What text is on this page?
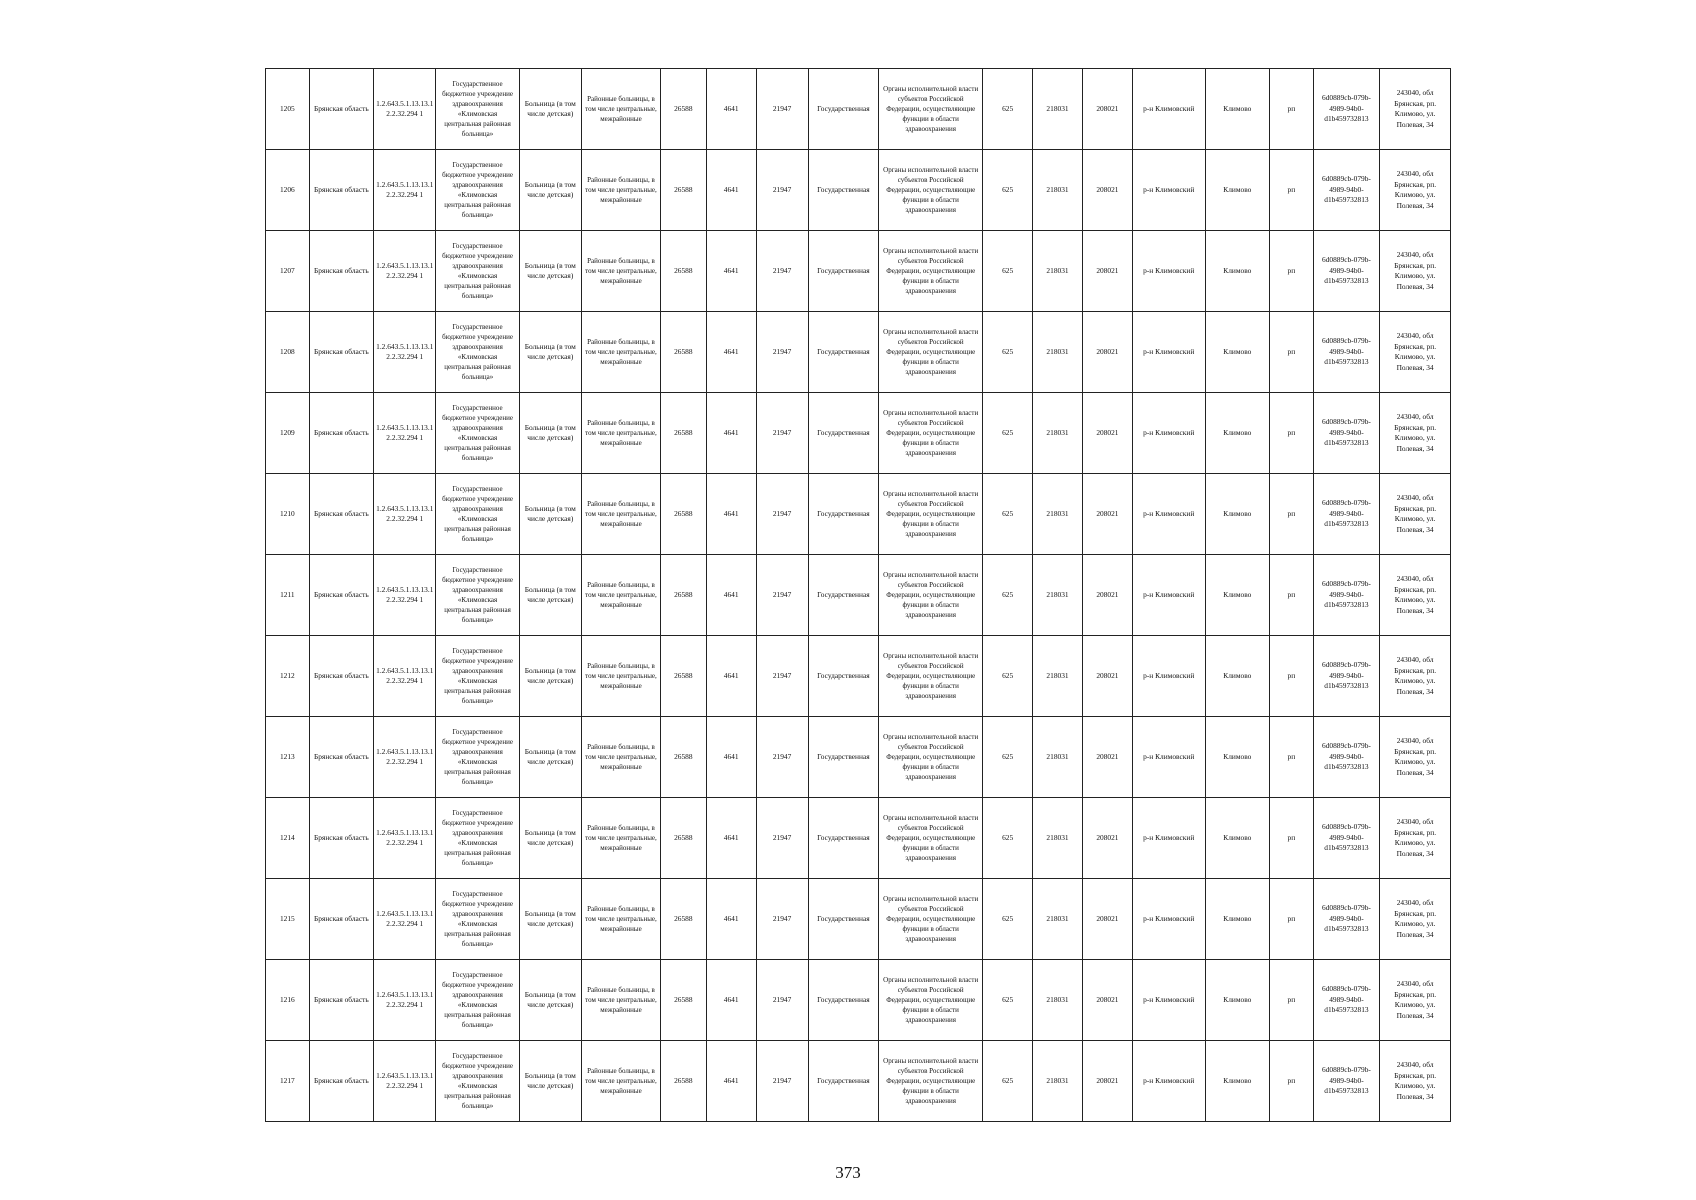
1205	Брянская область	1.2.643.5.1.13.13.12.2.32.294 1	Государственное бюджетное учреждение здравоохранения «Климовская центральная районная больница»	Больница (в том числе детская)	Районные больницы, в том числе центральные, межрайонные	26588	4641	21947	Государственная	Органы исполнительной власти субъектов Российской Федерации, осуществляющие функции в области здравоохранения	625	218031	208021	р-н Климовский	Климово	рп	6d0889cb-079b-4989-94b0-d1b459732813	243040, обл Брянская, рп. Климово, ул. Полевая, 34
1206	Брянская область	1.2.643.5.1.13.13.12.2.32.294 1	Государственное бюджетное учреждение здравоохранения «Климовская центральная районная больница»	Больница (в том числе детская)	Районные больницы, в том числе центральные, межрайонные	26588	4641	21947	Государственная	Органы исполнительной власти субъектов Российской Федерации, осуществляющие функции в области здравоохранения	625	218031	208021	р-н Климовский	Климово	рп	6d0889cb-079b-4989-94b0-d1b459732813	243040, обл Брянская, рп. Климово, ул. Полевая, 34
1207	Брянская область	1.2.643.5.1.13.13.12.2.32.294 1	Государственное бюджетное учреждение здравоохранения «Климовская центральная районная больница»	Больница (в том числе детская)	Районные больницы, в том числе центральные, межрайонные	26588	4641	21947	Государственная	Органы исполнительной власти субъектов Российской Федерации, осуществляющие функции в области здравоохранения	625	218031	208021	р-н Климовский	Климово	рп	6d0889cb-079b-4989-94b0-d1b459732813	243040, обл Брянская, рп. Климово, ул. Полевая, 34
1208	Брянская область	1.2.643.5.1.13.13.12.2.32.294 1	Государственное бюджетное учреждение здравоохранения «Климовская центральная районная больница»	Больница (в том числе детская)	Районные больницы, в том числе центральные, межрайонные	26588	4641	21947	Государственная	Органы исполнительной власти субъектов Российской Федерации, осуществляющие функции в области здравоохранения	625	218031	208021	р-н Климовский	Климово	рп	6d0889cb-079b-4989-94b0-d1b459732813	243040, обл Брянская, рп. Климово, ул. Полевая, 34
1209	Брянская область	1.2.643.5.1.13.13.12.2.32.294 1	Государственное бюджетное учреждение здравоохранения «Климовская центральная районная больница»	Больница (в том числе детская)	Районные больницы, в том числе центральные, межрайонные	26588	4641	21947	Государственная	Органы исполнительной власти субъектов Российской Федерации, осуществляющие функции в области здравоохранения	625	218031	208021	р-н Климовский	Климово	рп	6d0889cb-079b-4989-94b0-d1b459732813	243040, обл Брянская, рп. Климово, ул. Полевая, 34
1210	Брянская область	1.2.643.5.1.13.13.12.2.32.294 1	Государственное бюджетное учреждение здравоохранения «Климовская центральная районная больница»	Больница (в том числе детская)	Районные больницы, в том числе центральные, межрайонные	26588	4641	21947	Государственная	Органы исполнительной власти субъектов Российской Федерации, осуществляющие функции в области здравоохранения	625	218031	208021	р-н Климовский	Климово	рп	6d0889cb-079b-4989-94b0-d1b459732813	243040, обл Брянская, рп. Климово, ул. Полевая, 34
1211	Брянская область	1.2.643.5.1.13.13.12.2.32.294 1	Государственное бюджетное учреждение здравоохранения «Климовская центральная районная больница»	Больница (в том числе детская)	Районные больницы, в том числе центральные, межрайонные	26588	4641	21947	Государственная	Органы исполнительной власти субъектов Российской Федерации, осуществляющие функции в области здравоохранения	625	218031	208021	р-н Климовский	Климово	рп	6d0889cb-079b-4989-94b0-d1b459732813	243040, обл Брянская, рп. Климово, ул. Полевая, 34
1212	Брянская область	1.2.643.5.1.13.13.12.2.32.294 1	Государственное бюджетное учреждение здравоохранения «Климовская центральная районная больница»	Больница (в том числе детская)	Районные больницы, в том числе центральные, межрайонные	26588	4641	21947	Государственная	Органы исполнительной власти субъектов Российской Федерации, осуществляющие функции в области здравоохранения	625	218031	208021	р-н Климовский	Климово	рп	6d0889cb-079b-4989-94b0-d1b459732813	243040, обл Брянская, рп. Климово, ул. Полевая, 34
1213	Брянская область	1.2.643.5.1.13.13.12.2.32.294 1	Государственное бюджетное учреждение здравоохранения «Климовская центральная районная больница»	Больница (в том числе детская)	Районные больницы, в том числе центральные, межрайонные	26588	4641	21947	Государственная	Органы исполнительной власти субъектов Российской Федерации, осуществляющие функции в области здравоохранения	625	218031	208021	р-н Климовский	Климово	рп	6d0889cb-079b-4989-94b0-d1b459732813	243040, обл Брянская, рп. Климово, ул. Полевая, 34
1214	Брянская область	1.2.643.5.1.13.13.12.2.32.294 1	Государственное бюджетное учреждение здравоохранения «Климовская центральная районная больница»	Больница (в том числе детская)	Районные больницы, в том числе центральные, межрайонные	26588	4641	21947	Государственная	Органы исполнительной власти субъектов Российской Федерации, осуществляющие функции в области здравоохранения	625	218031	208021	р-н Климовский	Климово	рп	6d0889cb-079b-4989-94b0-d1b459732813	243040, обл Брянская, рп. Климово, ул. Полевая, 34
1215	Брянская область	1.2.643.5.1.13.13.12.2.32.294 1	Государственное бюджетное учреждение здравоохранения «Климовская центральная районная больница»	Больница (в том числе детская)	Районные больницы, в том числе центральные, межрайонные	26588	4641	21947	Государственная	Органы исполнительной власти субъектов Российской Федерации, осуществляющие функции в области здравоохранения	625	218031	208021	р-н Климовский	Климово	рп	6d0889cb-079b-4989-94b0-d1b459732813	243040, обл Брянская, рп. Климово, ул. Полевая, 34
1216	Брянская область	1.2.643.5.1.13.13.12.2.32.294 1	Государственное бюджетное учреждение здравоохранения «Климовская центральная районная больница»	Больница (в том числе детская)	Районные больницы, в том числе центральные, межрайонные	26588	4641	21947	Государственная	Органы исполнительной власти субъектов Российской Федерации, осуществляющие функции в области здравоохранения	625	218031	208021	р-н Климовский	Климово	рп	6d0889cb-079b-4989-94b0-d1b459732813	243040, обл Брянская, рп. Климово, ул. Полевая, 34
1217	Брянская область	1.2.643.5.1.13.13.12.2.32.294 1	Государственное бюджетное учреждение здравоохранения «Климовская центральная районная больница»	Больница (в том числе детская)	Районные больницы, в том числе центральные, межрайонные	26588	4641	21947	Государственная	Органы исполнительной власти субъектов Российской Федерации, осуществляющие функции в области здравоохранения	625	218031	208021	р-н Климовский	Климово	рп	6d0889cb-079b-4989-94b0-d1b459732813	243040, обл Брянская, рп. Климово, ул. Полевая, 34
373
